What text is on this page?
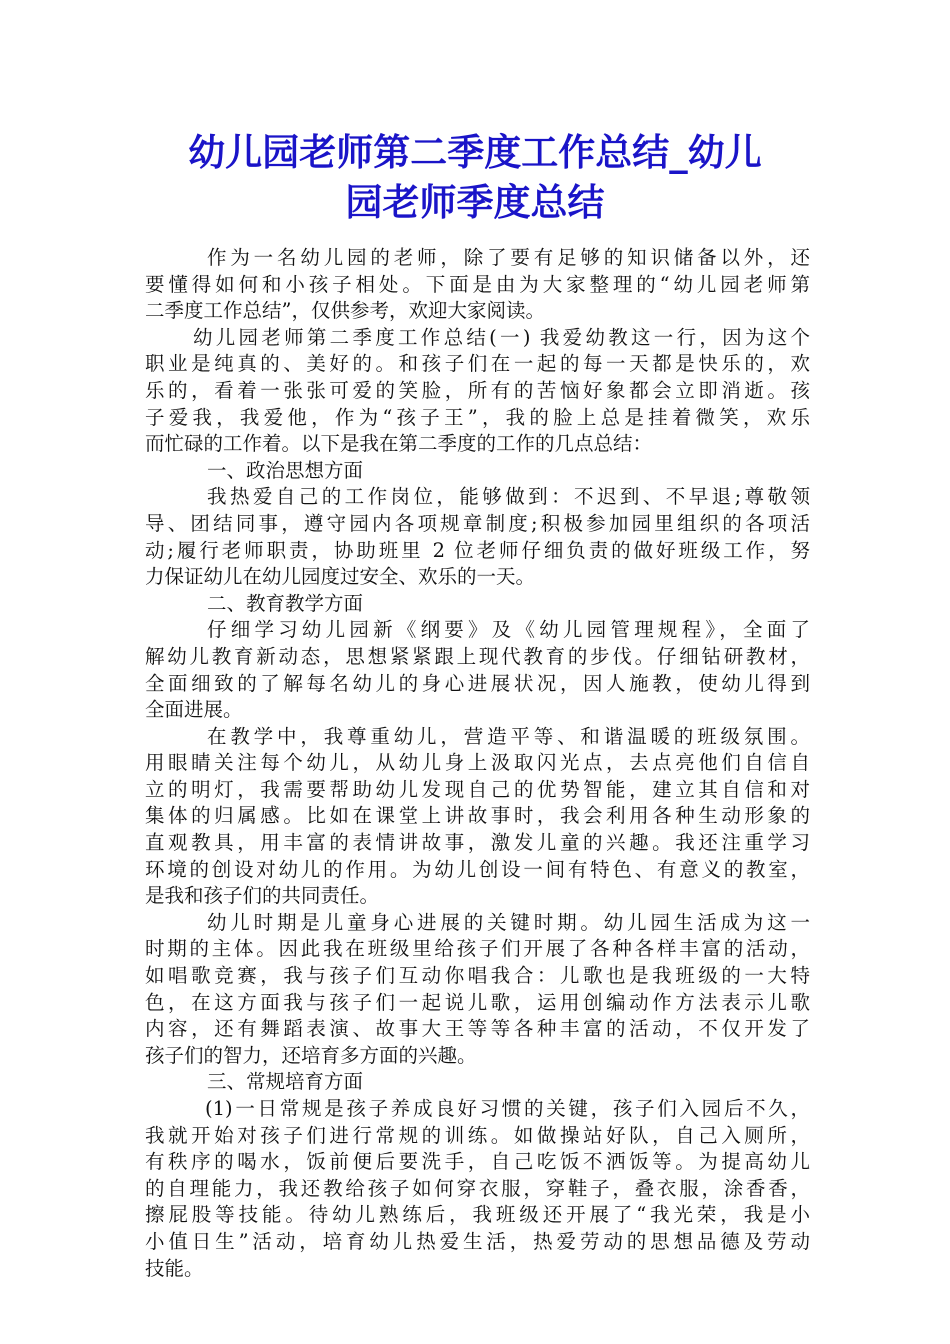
幼儿园老师第二季度工作总结_幼儿
园老师季度总结
作为一名幼儿园的老师，除了要有足够的知识储备以外，还
要懂得如何和小孩子相处。下面是由为大家整理的“幼儿园老师第
二季度工作总结”，仅供参考，欢迎大家阅读。
幼儿园老师第二季度工作总结(一) 我爱幼教这一行，因为这个
职业是纯真的、美好的。和孩子们在一起的每一天都是快乐的，欢
乐的，看着一张张可爱的笑脸，所有的苦恼好象都会立即消逝。孩
子爱我，我爱他，作为“孩子王”，我的脸上总是挂着微笑，欢乐
而忙碌的工作着。以下是我在第二季度的工作的几点总结：
一、政治思想方面
我热爱自己的工作岗位，能够做到：不迟到、不早退;尊敬领
导、团结同事，遵守园内各项规章制度;积极参加园里组织的各项活
动;履行老师职责，协助班里 2 位老师仔细负责的做好班级工作，努
力保证幼儿在幼儿园度过安全、欢乐的一天。
二、教育教学方面
仔细学习幼儿园新《纲要》及《幼儿园管理规程》，全面了
解幼儿教育新动态，思想紧紧跟上现代教育的步伐。仔细钻研教材，
全面细致的了解每名幼儿的身心进展状况，因人施教，使幼儿得到
全面进展。
在教学中，我尊重幼儿，营造平等、和谐温暖的班级氛围。
用眼睛关注每个幼儿，从幼儿身上汲取闪光点，去点亮他们自信自
立的明灯，我需要帮助幼儿发现自己的优势智能，建立其自信和对
集体的归属感。比如在课堂上讲故事时，我会利用各种生动形象的
直观教具，用丰富的表情讲故事，激发儿童的兴趣。我还注重学习
环境的创设对幼儿的作用。为幼儿创设一间有特色、有意义的教室，
是我和孩子们的共同责任。
幼儿时期是儿童身心进展的关键时期。幼儿园生活成为这一
时期的主体。因此我在班级里给孩子们开展了各种各样丰富的活动，
如唱歌竞赛，我与孩子们互动你唱我合：儿歌也是我班级的一大特
色，在这方面我与孩子们一起说儿歌，运用创编动作方法表示儿歌
内容，还有舞蹈表演、故事大王等等各种丰富的活动，不仅开发了
孩子们的智力，还培育多方面的兴趣。
三、常规培育方面
(1)一日常规是孩子养成良好习惯的关键，孩子们入园后不久，
我就开始对孩子们进行常规的训练。如做操站好队，自己入厕所，
有秩序的喝水，饭前便后要洗手，自己吃饭不洒饭等。为提高幼儿
的自理能力，我还教给孩子如何穿衣服，穿鞋子，叠衣服，涂香香，
擦屁股等技能。待幼儿熟练后，我班级还开展了“我光荣，我是小
小值日生”活动，培育幼儿热爱生活，热爱劳动的思想品德及劳动
技能。
